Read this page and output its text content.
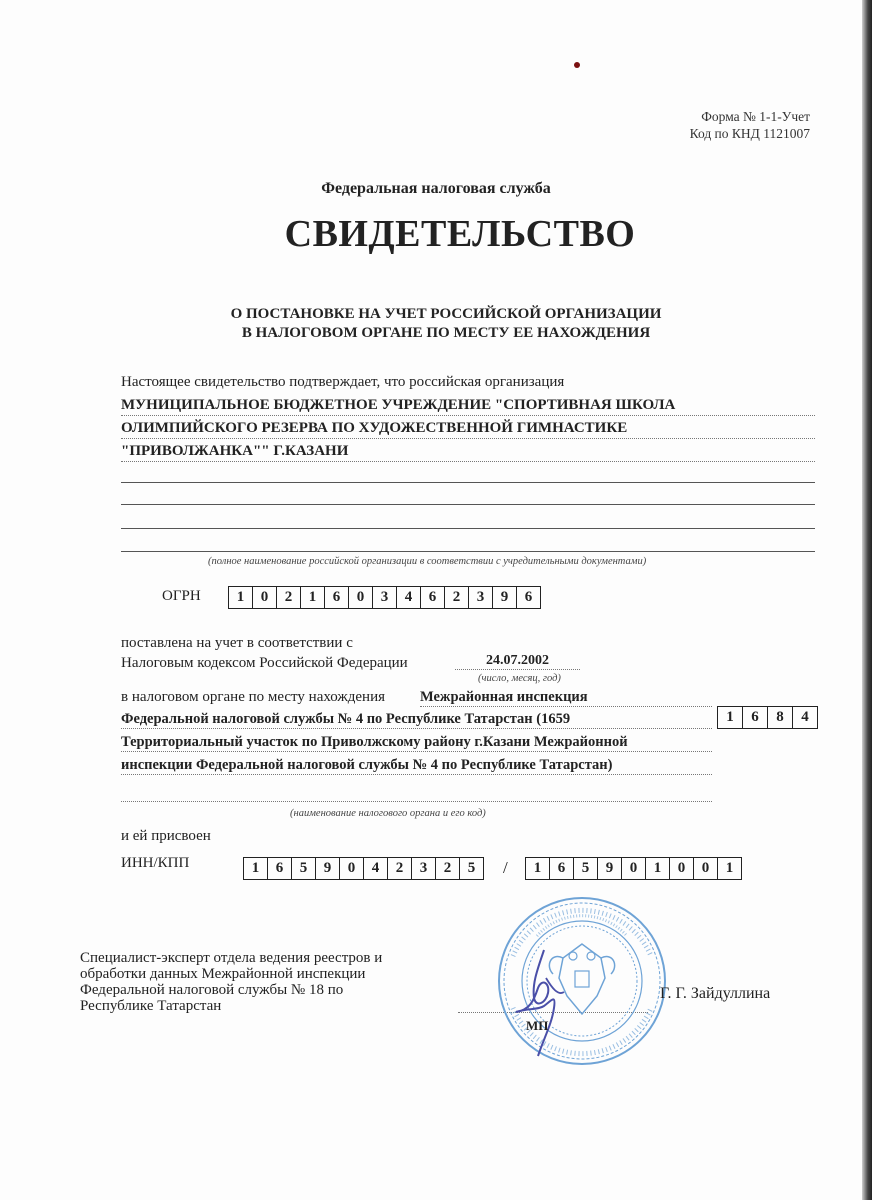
Форма № 1-1-Учет
Код по КНД 1121007
Федеральная налоговая служба
СВИДЕТЕЛЬСТВО
О ПОСТАНОВКЕ НА УЧЕТ РОССИЙСКОЙ ОРГАНИЗАЦИИ
В НАЛОГОВОМ ОРГАНЕ ПО МЕСТУ ЕЕ НАХОЖДЕНИЯ
Настоящее свидетельство подтверждает, что российская организация
МУНИЦИПАЛЬНОЕ БЮДЖЕТНОЕ УЧРЕЖДЕНИЕ "СПОРТИВНАЯ ШКОЛА
ОЛИМПИЙСКОГО РЕЗЕРВА ПО ХУДОЖЕСТВЕННОЙ ГИМНАСТИКЕ
"ПРИВОЛЖАНКА"" Г.КАЗАНИ
(полное наименование российской организации в соответствии с учредительными документами)
ОГРН	1	0	2	1	6	0	3	4	6	2	3	9	6
поставлена на учет в соответствии с
Налоговым кодексом Российской Федерации	24.07.2002
(число, месяц, год)
в налоговом органе по месту нахождения Межрайонная инспекция
Федеральной налоговой службы № 4 по Республике Татарстан (1659
Территориальный участок по Приволжскому району г.Казани Межрайонной
инспекции Федеральной налоговой службы № 4 по Республике Татарстан)
(наименование налогового органа и его код)
1	6	8	4
и ей присвоен
ИНН/КПП	1	6	5	9	0	4	2	3	2	5	/	1	6	5	9	0	1	0	0	1
Специалист-эксперт отдела ведения реестров и
обработки данных Межрайонной инспекции
Федеральной налоговой службы № 18 по
Республике Татарстан
МП
Г. Г. Зайдуллина
